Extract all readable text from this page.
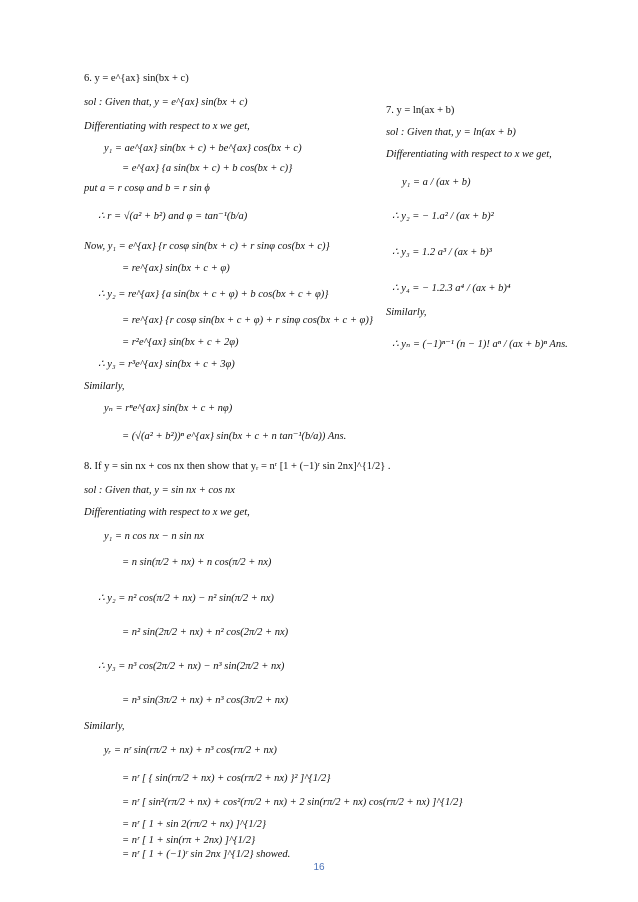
6. y = e^{ax} sin(bx + c)
sol : Given that, y = e^{ax} sin(bx + c)
Differentiating with respect to x we get,
y₁ = ae^{ax} sin(bx + c) + be^{ax} cos(bx + c)
= e^{ax} {a sin(bx + c) + b cos(bx + c)}
put a = r cosφ and b = r sin ϕ
∴ r = √(a² + b²) and φ = tan⁻¹(b/a)
Now, y₁ = e^{ax} {r cosφ sin(bx + c) + r sinφ cos(bx + c)}
= re^{ax} sin(bx + c + φ)
∴ y₂ = re^{ax} {a sin(bx + c + φ) + b cos(bx + c + φ)}
= re^{ax} {r cosφ sin(bx + c + φ) + r sinφ cos(bx + c + φ)}
= r²e^{ax} sin(bx + c + 2φ)
∴ y₃ = r³e^{ax} sin(bx + c + 3φ)
Similarly,
yₙ = rⁿe^{ax} sin(bx + c + nφ)
= (√(a² + b²))ⁿ e^{ax} sin(bx + c + n tan⁻¹(b/a)) Ans.
7. y = ln(ax + b)
sol : Given that, y = ln(ax + b)
Differentiating with respect to x we get,
y₁ = a / (ax + b)
∴ y₂ = − 1.a² / (ax + b)²
∴ y₃ = 1.2 a³ / (ax + b)³
∴ y₄ = − 1.2.3 a⁴ / (ax + b)⁴
Similarly,
∴ yₙ = (−1)ⁿ⁻¹ (n − 1)! aⁿ / (ax + b)ⁿ Ans.
8. If y = sin nx + cos nx then show that yᵣ = nʳ [1 + (−1)ʳ sin 2nx]^{1/2} .
sol : Given that, y = sin nx + cos nx
Differentiating with respect to x we get,
y₁ = n cos nx − n sin nx
= n sin(π/2 + nx) + n cos(π/2 + nx)
∴ y₂ = n² cos(π/2 + nx) − n² sin(π/2 + nx)
= n² sin(2π/2 + nx) + n² cos(2π/2 + nx)
∴ y₃ = n³ cos(2π/2 + nx) − n³ sin(2π/2 + nx)
= n³ sin(3π/2 + nx) + n³ cos(3π/2 + nx)
Similarly,
yᵣ = nʳ sin(rπ/2 + nx) + n³ cos(rπ/2 + nx)
= nʳ [ { sin(rπ/2 + nx) + cos(rπ/2 + nx) }² ]^{1/2}
= nʳ [ sin²(rπ/2 + nx) + cos²(rπ/2 + nx) + 2 sin(rπ/2 + nx) cos(rπ/2 + nx) ]^{1/2}
= nʳ [ 1 + sin 2(rπ/2 + nx) ]^{1/2}
= nʳ [ 1 + sin(rπ + 2nx) ]^{1/2}
= nʳ [ 1 + (−1)ʳ sin 2nx ]^{1/2} showed.
16
